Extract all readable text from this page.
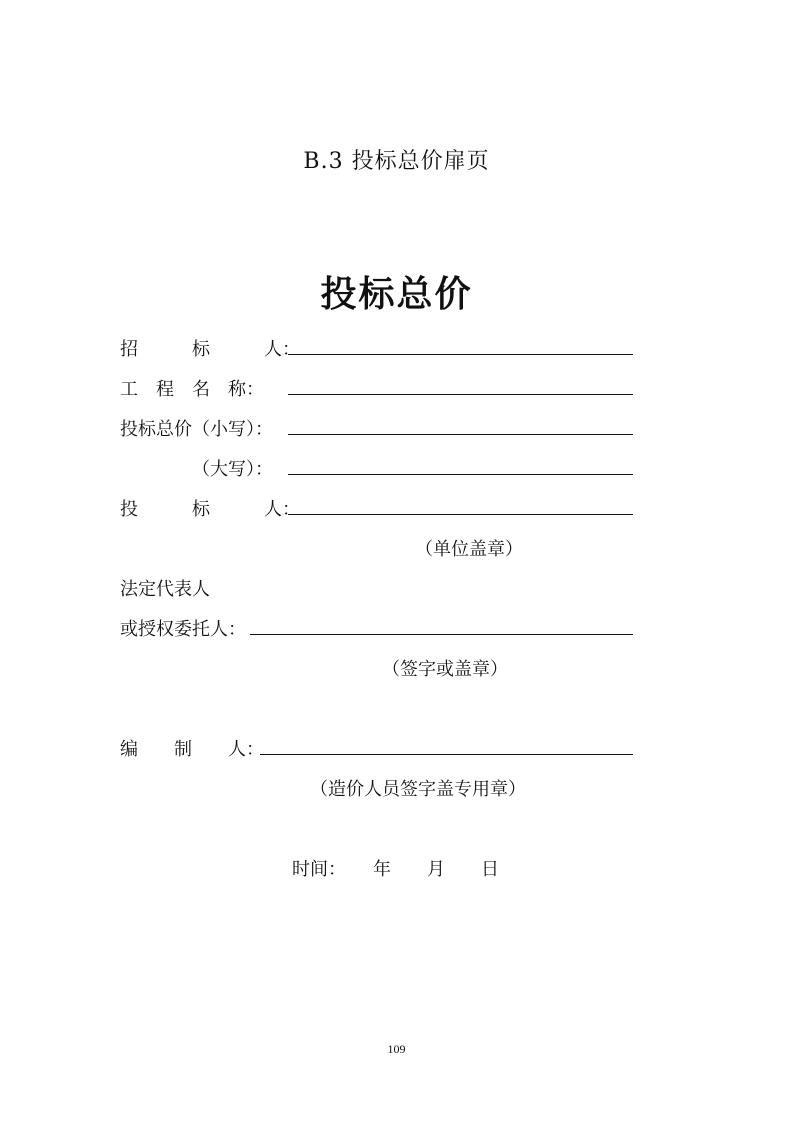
B.3 投标总价扉页
投标总价
招　　　标　　　人：
工　程　名　称：
投标总价（小写）：
（大写）：
投　　　标　　　人：
（单位盖章）
法定代表人
或授权委托人：
（签字或盖章）
编　　制　　人：
（造价人员签字盖专用章）
时间：　　年　　月　　日
109
